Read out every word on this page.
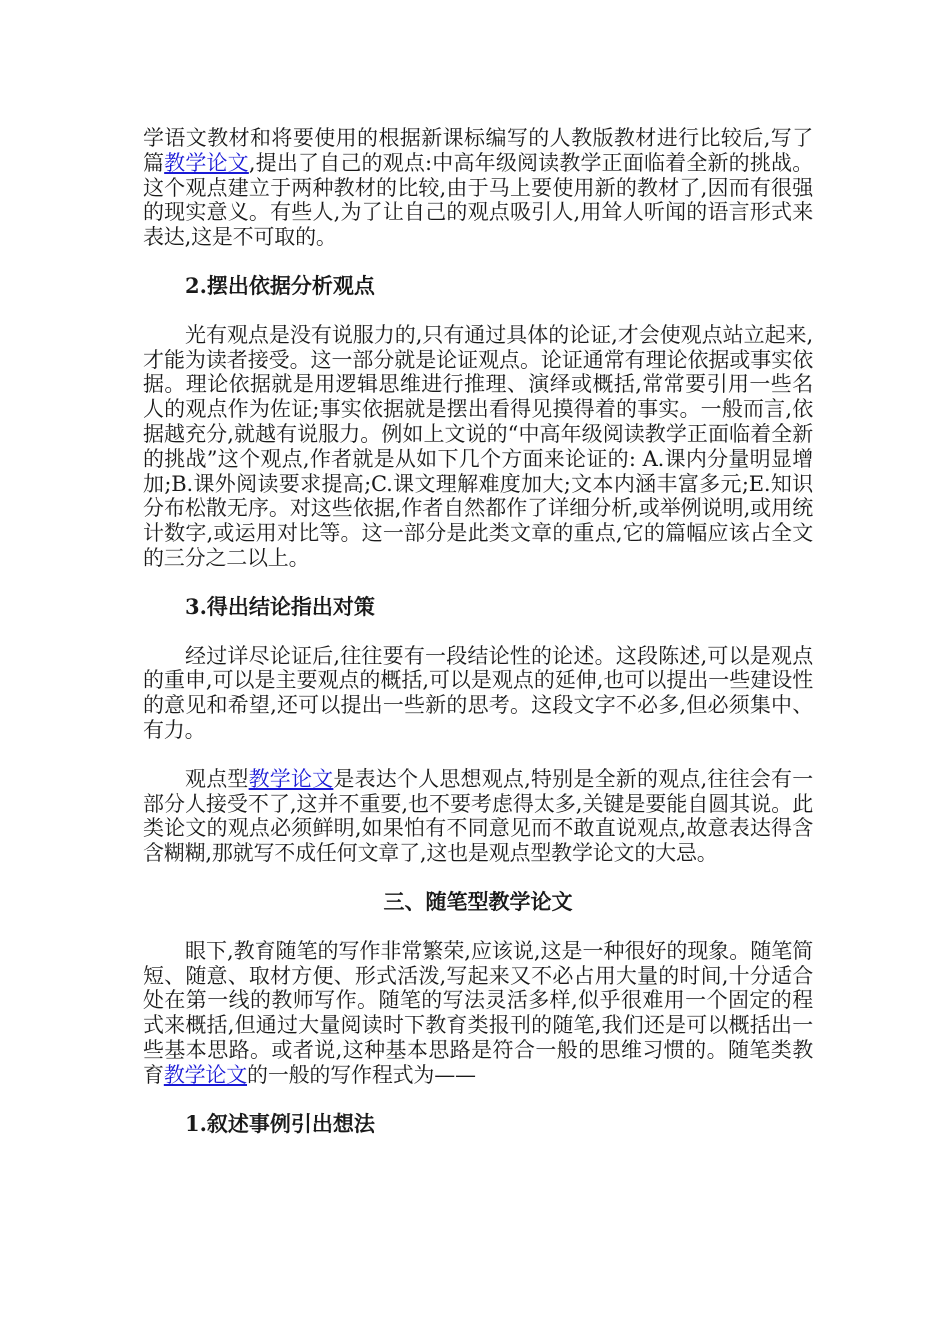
学语文教材和将要使用的根据新课标编写的人教版教材进行比较后,写了篇教学论文,提出了自己的观点:中高年级阅读教学正面临着全新的挑战。这个观点建立于两种教材的比较,由于马上要使用新的教材了,因而有很强的现实意义。有些人,为了让自己的观点吸引人,用耸人听闻的语言形式来表达,这是不可取的。

2.摆出依据分析观点

光有观点是没有说服力的,只有通过具体的论证,才会使观点站立起来,才能为读者接受。这一部分就是论证观点。论证通常有理论依据或事实依据。理论依据就是用逻辑思维进行推理、演绎或概括,常常要引用一些名人的观点作为佐证;事实依据就是摆出看得见摸得着的事实。一般而言,依据越充分,就越有说服力。例如上文说的“中高年级阅读教学正面临着全新的挑战”这个观点,作者就是从如下几个方面来论证的: A.课内分量明显增加;B.课外阅读要求提高;C.课文理解难度加大;文本内涵丰富多元;E.知识分布松散无序。对这些依据,作者自然都作了详细分析,或举例说明,或用统计数字,或运用对比等。这一部分是此类文章的重点,它的篇幅应该占全文的三分之二以上。

3.得出结论指出对策

经过详尽论证后,往往要有一段结论性的论述。这段陈述,可以是观点的重申,可以是主要观点的概括,可以是观点的延伸,也可以提出一些建设性的意见和希望,还可以提出一些新的思考。这段文字不必多,但必须集中、有力。

观点型教学论文是表达个人思想观点,特别是全新的观点,往往会有一部分人接受不了,这并不重要,也不要考虑得太多,关键是要能自圆其说。此类论文的观点必须鲜明,如果怕有不同意见而不敢直说观点,故意表达得含含糊糊,那就写不成任何文章了,这也是观点型教学论文的大忌。

三、随笔型教学论文

眼下,教育随笔的写作非常繁荣,应该说,这是一种很好的现象。随笔简短、随意、取材方便、形式活泼,写起来又不必占用大量的时间,十分适合处在第一线的教师写作。随笔的写法灵活多样,似乎很难用一个固定的程式来概括,但通过大量阅读时下教育类报刊的随笔,我们还是可以概括出一些基本思路。或者说,这种基本思路是符合一般的思维习惯的。随笔类教育教学论文的一般的写作程式为——

1.叙述事例引出想法
